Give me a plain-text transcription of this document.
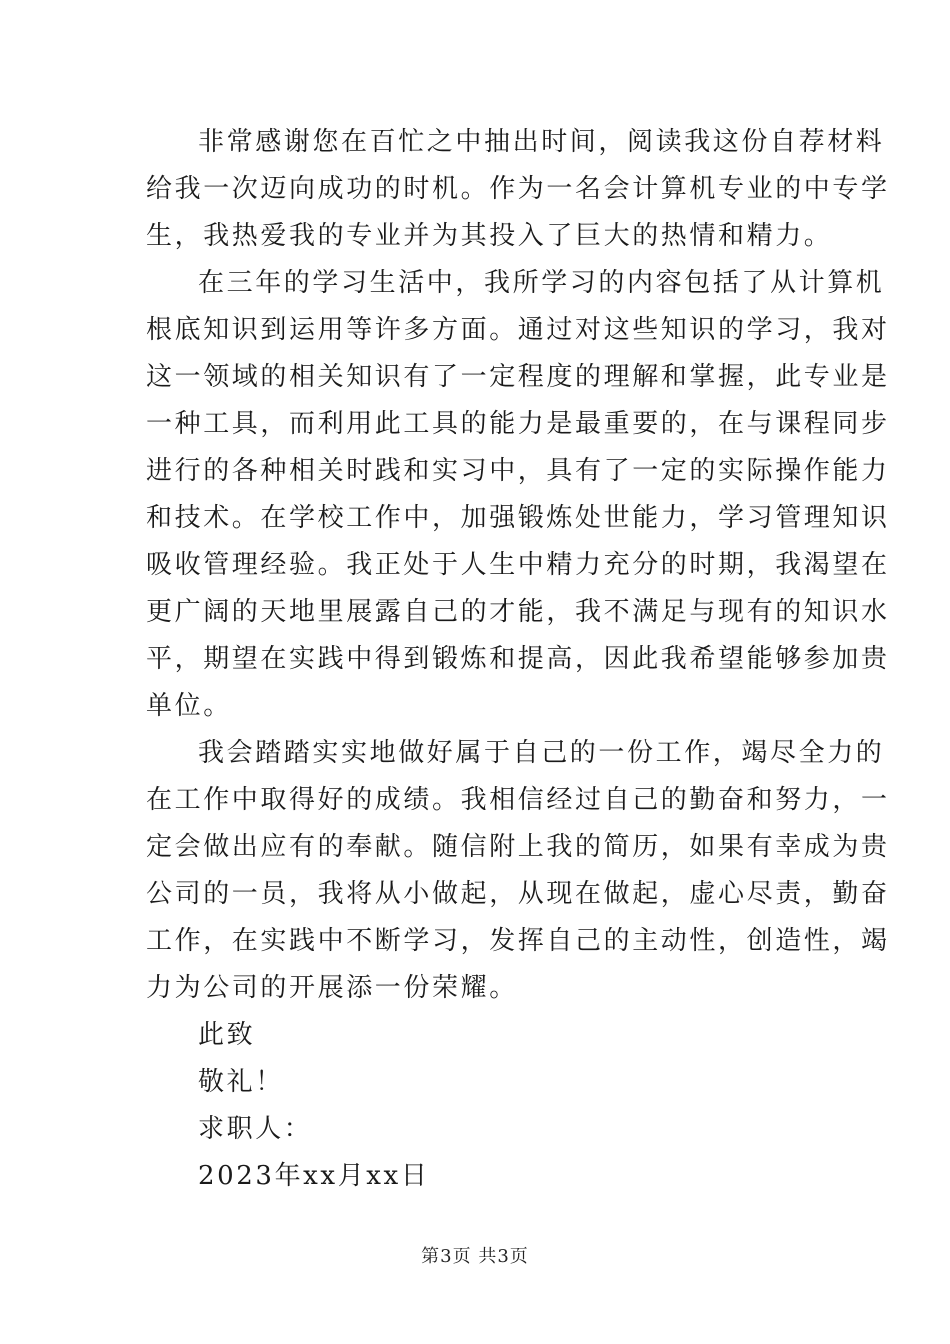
非常感谢您在百忙之中抽出时间，阅读我这份自荐材料

给我一次迈向成功的时机。作为一名会计算机专业的中专学

生，我热爱我的专业并为其投入了巨大的热情和精力。

在三年的学习生活中，我所学习的内容包括了从计算机

根底知识到运用等许多方面。通过对这些知识的学习，我对

这一领域的相关知识有了一定程度的理解和掌握，此专业是

一种工具，而利用此工具的能力是最重要的，在与课程同步

进行的各种相关时践和实习中，具有了一定的实际操作能力

和技术。在学校工作中，加强锻炼处世能力，学习管理知识

吸收管理经验。我正处于人生中精力充分的时期，我渴望在

更广阔的天地里展露自己的才能，我不满足与现有的知识水

平，期望在实践中得到锻炼和提高，因此我希望能够参加贵

单位。

我会踏踏实实地做好属于自己的一份工作，竭尽全力的

在工作中取得好的成绩。我相信经过自己的勤奋和努力，一

定会做出应有的奉献。随信附上我的简历，如果有幸成为贵

公司的一员，我将从小做起，从现在做起，虚心尽责，勤奋

工作，在实践中不断学习，发挥自己的主动性，创造性，竭

力为公司的开展添一份荣耀。

此致

敬礼！

求职人：

2023年xx月xx日

第3页 共3页
